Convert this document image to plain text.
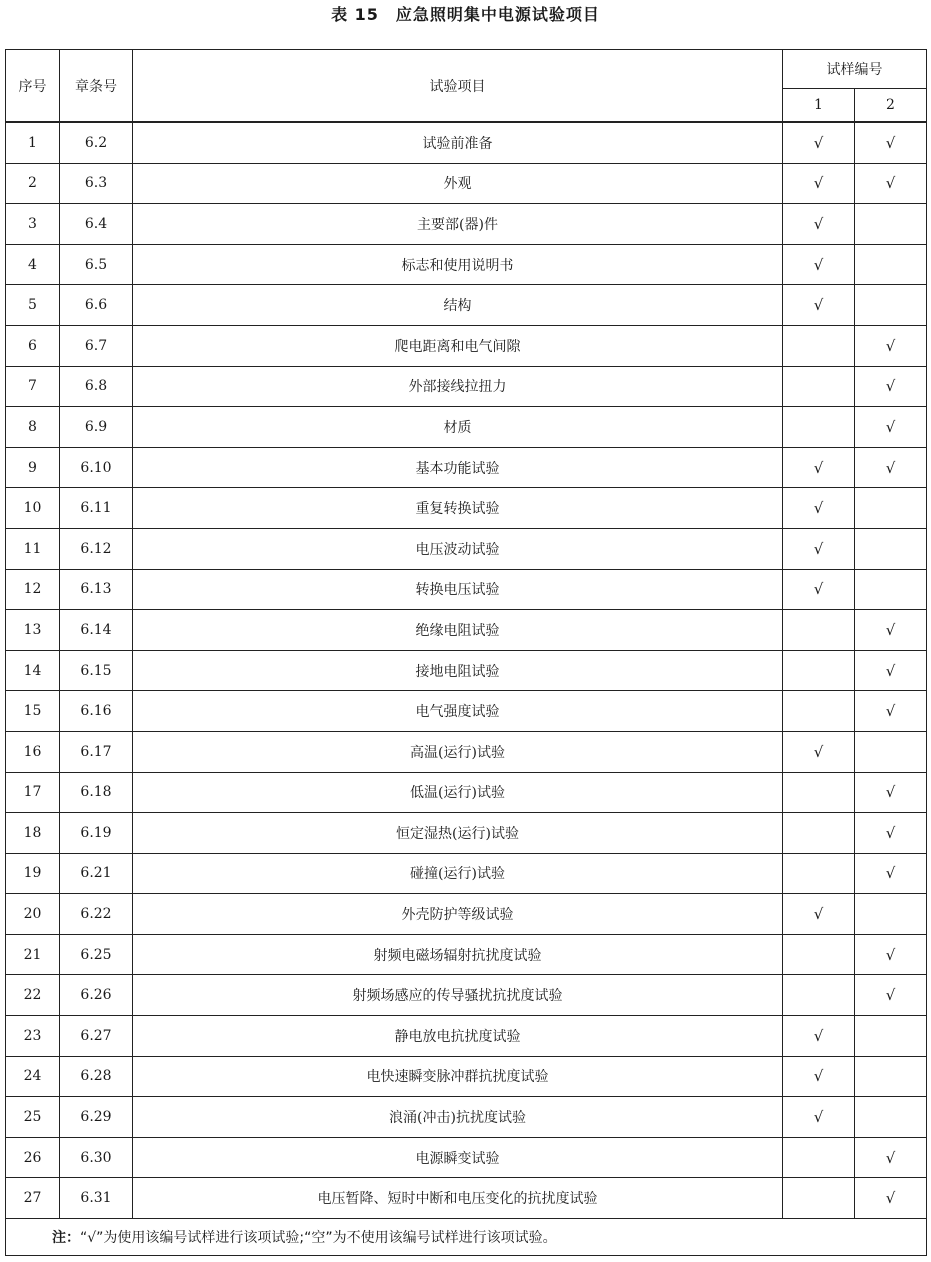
表 15　应急照明集中电源试验项目
序号	章条号	试验项目	试样编号	
			1	2
1	6.2	试验前准备	√	√
2	6.3	外观	√	√
3	6.4	主要部(器)件	√	
4	6.5	标志和使用说明书	√	
5	6.6	结构	√	
6	6.7	爬电距离和电气间隙		√
7	6.8	外部接线拉扭力		√
8	6.9	材质		√
9	6.10	基本功能试验	√	√
10	6.11	重复转换试验	√	
11	6.12	电压波动试验	√	
12	6.13	转换电压试验	√	
13	6.14	绝缘电阻试验		√
14	6.15	接地电阻试验		√
15	6.16	电气强度试验		√
16	6.17	高温(运行)试验	√	
17	6.18	低温(运行)试验		√
18	6.19	恒定湿热(运行)试验		√
19	6.21	碰撞(运行)试验		√
20	6.22	外壳防护等级试验	√	
21	6.25	射频电磁场辐射抗扰度试验		√
22	6.26	射频场感应的传导骚扰抗扰度试验		√
23	6.27	静电放电抗扰度试验	√	
24	6.28	电快速瞬变脉冲群抗扰度试验	√	
25	6.29	浪涌(冲击)抗扰度试验	√	
26	6.30	电源瞬变试验		√
27	6.31	电压暂降、短时中断和电压变化的抗扰度试验		√
注：“√”为使用该编号试样进行该项试验;“空”为不使用该编号试样进行该项试验。				
